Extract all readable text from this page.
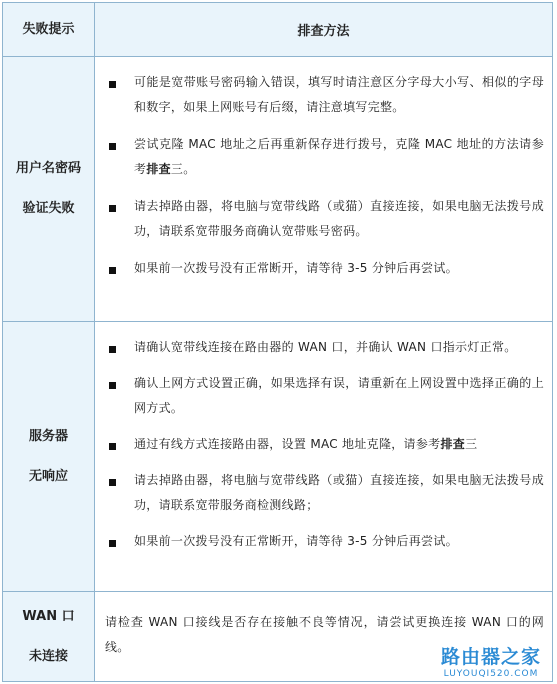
失败提示	排查方法
用户名密码
验证失败
可能是宽带账号密码输入错误，填写时请注意区分字母大小写、相似的字母和数字，如果上网账号有后缀，请注意填写完整。
尝试克隆 MAC 地址之后再重新保存进行拨号，克隆 MAC 地址的方法请参考排查三。
请去掉路由器，将电脑与宽带线路（或猫）直接连接，如果电脑无法拨号成功，请联系宽带服务商确认宽带账号密码。
如果前一次拨号没有正常断开，请等待 3-5 分钟后再尝试。
服务器
无响应
请确认宽带线连接在路由器的 WAN 口，并确认 WAN 口指示灯正常。
确认上网方式设置正确，如果选择有误，请重新在上网设置中选择正确的上网方式。
通过有线方式连接路由器，设置 MAC 地址克隆，请参考排查三
请去掉路由器，将电脑与宽带线路（或猫）直接连接，如果电脑无法拨号成功，请联系宽带服务商检测线路；
如果前一次拨号没有正常断开，请等待 3-5 分钟后再尝试。
WAN 口
未连接
请检查 WAN 口接线是否存在接触不良等情况，请尝试更换连接 WAN 口的网线。	路由器之家
LUYOUQI520.COM
